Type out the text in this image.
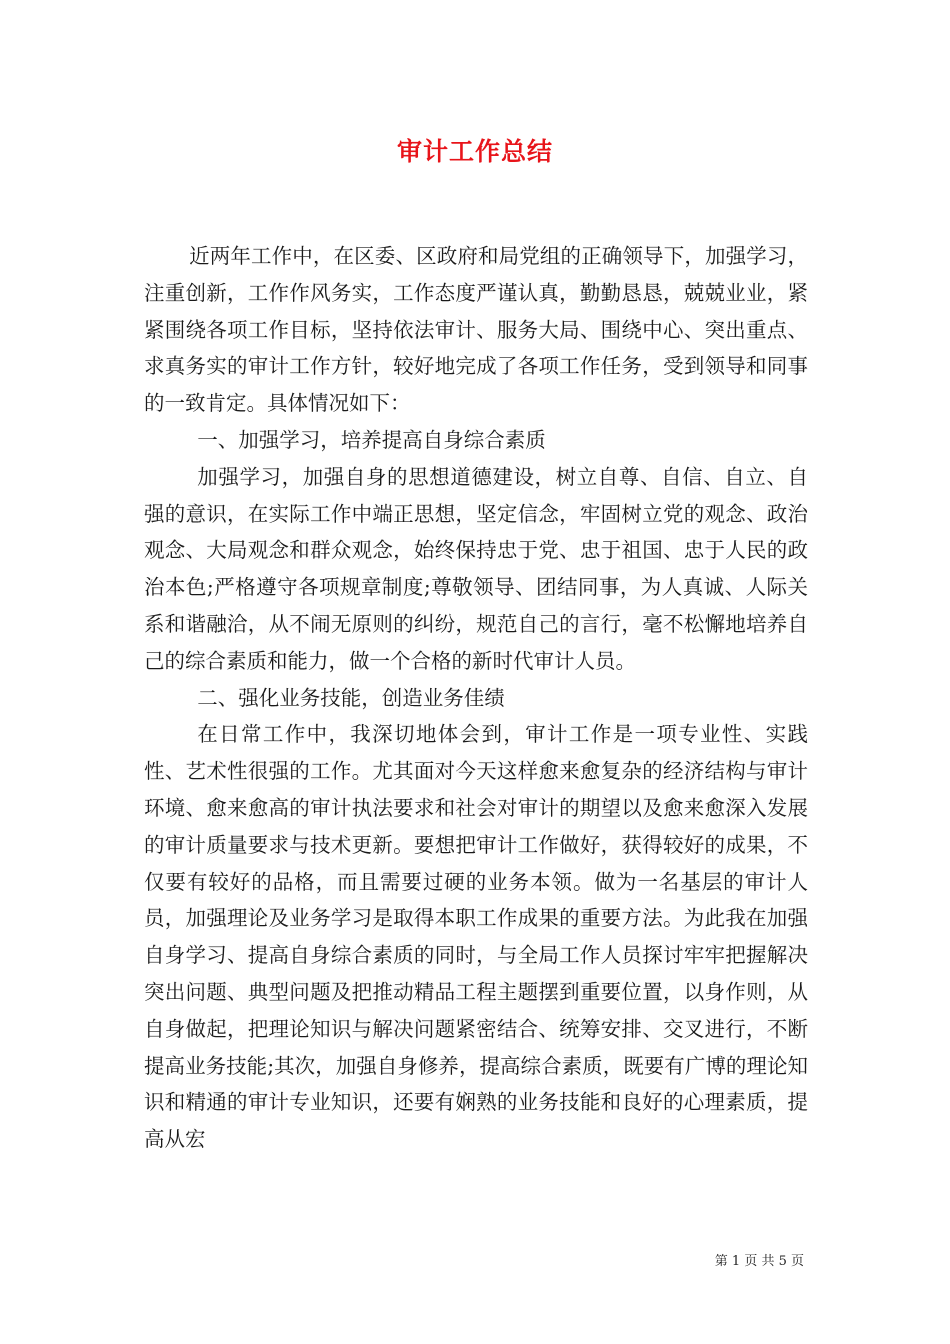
审计工作总结

近两年工作中，在区委、区政府和局党组的正确领导下，加强学习，注重创新，工作作风务实，工作态度严谨认真，勤勤恳恳，兢兢业业，紧紧围绕各项工作目标，坚持依法审计、服务大局、围绕中心、突出重点、求真务实的审计工作方针，较好地完成了各项工作任务，受到领导和同事的一致肯定。具体情况如下：

一、加强学习，培养提高自身综合素质

加强学习，加强自身的思想道德建设，树立自尊、自信、自立、自强的意识，在实际工作中端正思想，坚定信念，牢固树立党的观念、政治观念、大局观念和群众观念，始终保持忠于党、忠于祖国、忠于人民的政治本色;严格遵守各项规章制度;尊敬领导、团结同事，为人真诚、人际关系和谐融洽，从不闹无原则的纠纷，规范自己的言行，毫不松懈地培养自己的综合素质和能力，做一个合格的新时代审计人员。

二、强化业务技能，创造业务佳绩

在日常工作中，我深切地体会到，审计工作是一项专业性、实践性、艺术性很强的工作。尤其面对今天这样愈来愈复杂的经济结构与审计环境、愈来愈高的审计执法要求和社会对审计的期望以及愈来愈深入发展的审计质量要求与技术更新。要想把审计工作做好，获得较好的成果，不仅要有较好的品格，而且需要过硬的业务本领。做为一名基层的审计人员，加强理论及业务学习是取得本职工作成果的重要方法。为此我在加强自身学习、提高自身综合素质的同时，与全局工作人员探讨牢牢把握解决突出问题、典型问题及把推动精品工程主题摆到重要位置，以身作则，从自身做起，把理论知识与解决问题紧密结合、统筹安排、交叉进行，不断提高业务技能;其次，加强自身修养，提高综合素质，既要有广博的理论知识和精通的审计专业知识，还要有娴熟的业务技能和良好的心理素质，提高从宏

第 1 页 共 5 页
